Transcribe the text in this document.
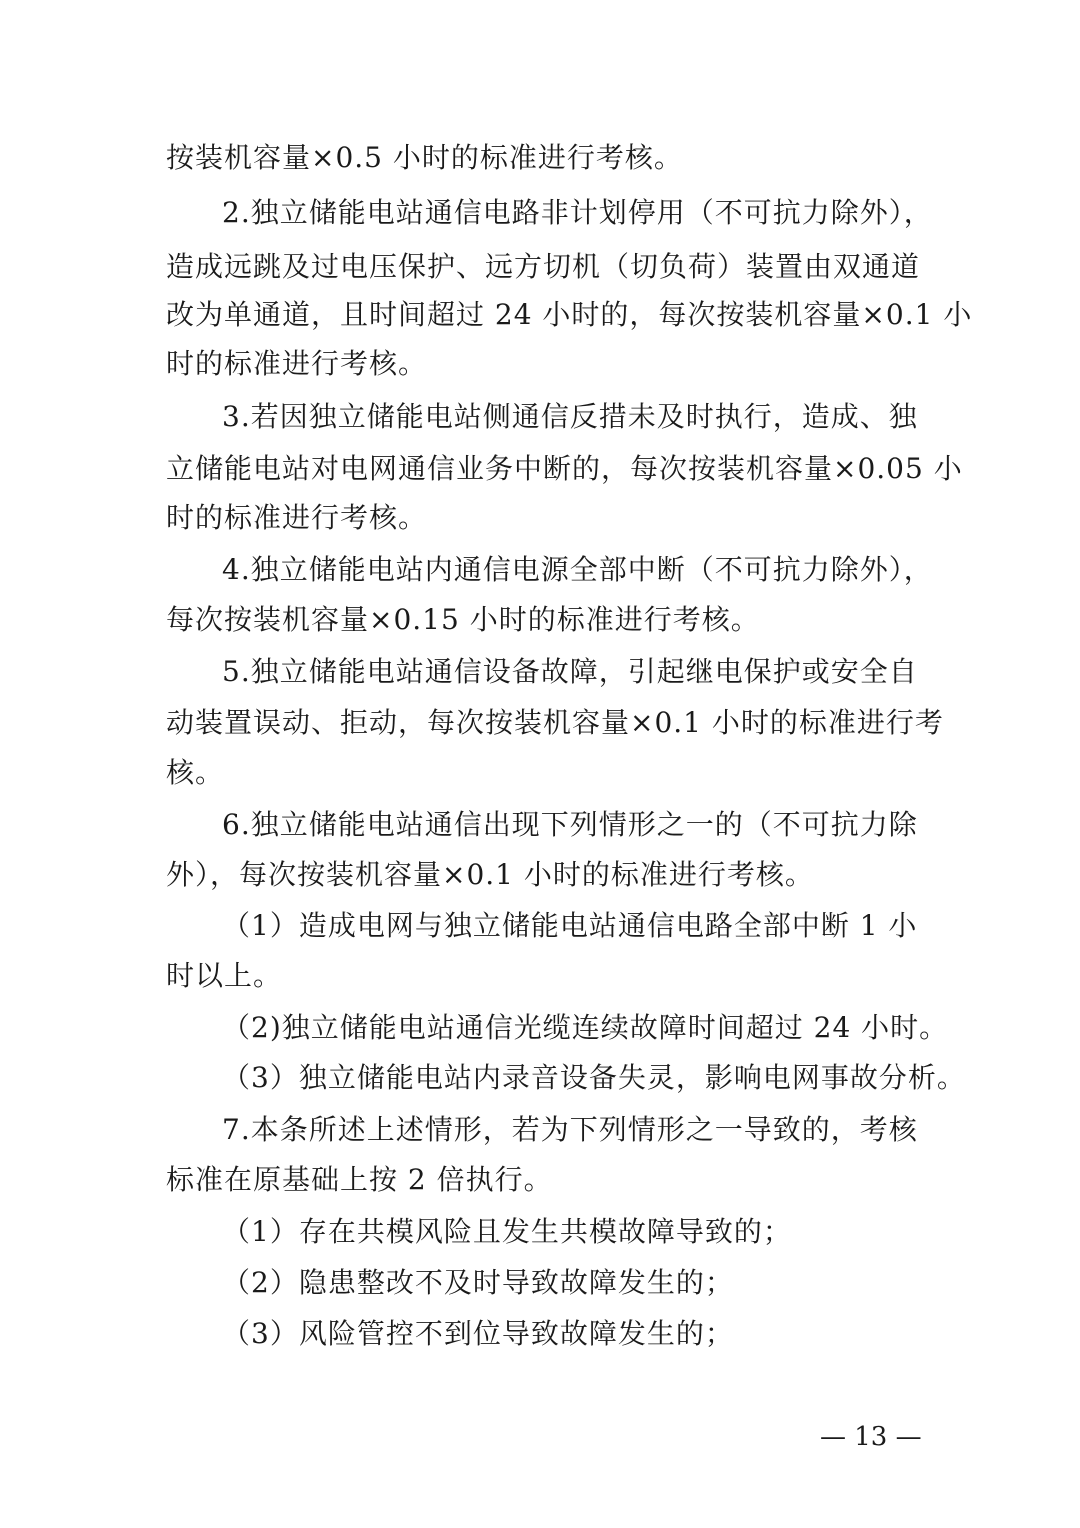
按装机容量×0.5 小时的标准进行考核。
2.独立储能电站通信电路非计划停用（不可抗力除外），
造成远跳及过电压保护、远方切机（切负荷）装置由双通道
改为单通道，且时间超过 24 小时的，每次按装机容量×0.1 小
时的标准进行考核。
3.若因独立储能电站侧通信反措未及时执行，造成、独
立储能电站对电网通信业务中断的，每次按装机容量×0.05 小
时的标准进行考核。
4.独立储能电站内通信电源全部中断（不可抗力除外），
每次按装机容量×0.15 小时的标准进行考核。
5.独立储能电站通信设备故障，引起继电保护或安全自
动装置误动、拒动，每次按装机容量×0.1 小时的标准进行考
核。
6.独立储能电站通信出现下列情形之一的（不可抗力除
外），每次按装机容量×0.1 小时的标准进行考核。
（1）造成电网与独立储能电站通信电路全部中断 1 小
时以上。
（2)独立储能电站通信光缆连续故障时间超过 24 小时。
（3）独立储能电站内录音设备失灵，影响电网事故分析。
7.本条所述上述情形，若为下列情形之一导致的，考核
标准在原基础上按 2 倍执行。
（1）存在共模风险且发生共模故障导致的；
（2）隐患整改不及时导致故障发生的；
（3）风险管控不到位导致故障发生的；
— 13 —
